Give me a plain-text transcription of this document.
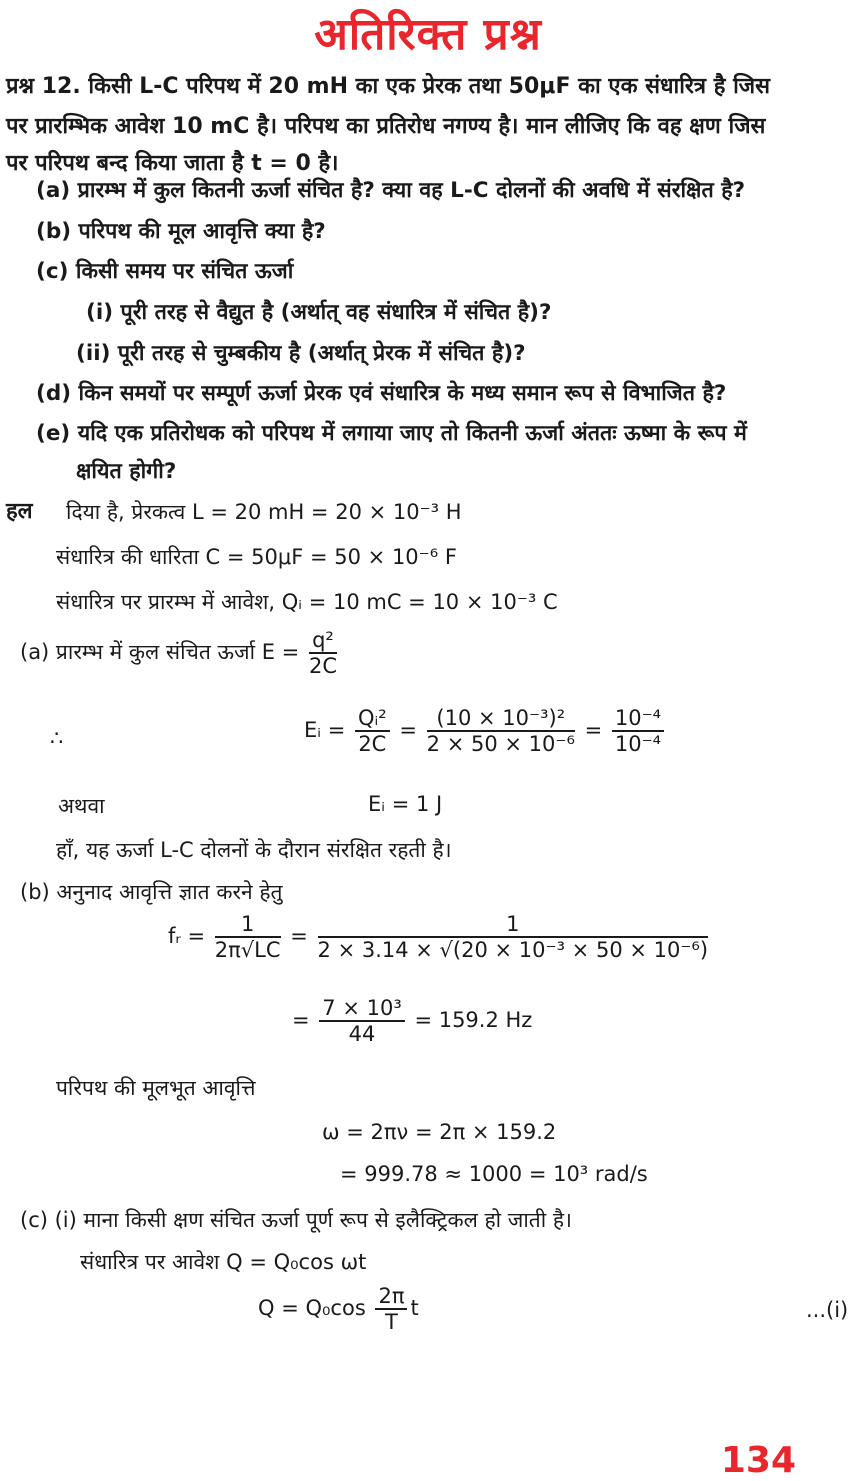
अतिरिक्त प्रश्न
प्रश्न 12. किसी L-C परिपथ में 20 mH का एक प्रेरक तथा 50μF का एक संधारित्र है जिस
पर प्रारम्भिक आवेश 10 mC है। परिपथ का प्रतिरोध नगण्य है। मान लीजिए कि वह क्षण जिस
पर परिपथ बन्द किया जाता है t = 0 है।
(a) प्रारम्भ में कुल कितनी ऊर्जा संचित है? क्या वह L-C दोलनों की अवधि में संरक्षित है?
(b) परिपथ की मूल आवृत्ति क्या है?
(c) किसी समय पर संचित ऊर्जा
(i) पूरी तरह से वैद्युत है (अर्थात् वह संधारित्र में संचित है)?
(ii) पूरी तरह से चुम्बकीय है (अर्थात् प्रेरक में संचित है)?
(d) किन समयों पर सम्पूर्ण ऊर्जा प्रेरक एवं संधारित्र के मध्य समान रूप से विभाजित है?
(e) यदि एक प्रतिरोधक को परिपथ में लगाया जाए तो कितनी ऊर्जा अंततः ऊष्मा के रूप में
क्षयित होगी?
हल दिया है, प्रेरकत्व L = 20 mH = 20 × 10⁻³ H
संधारित्र की धारिता C = 50μF = 50 × 10⁻⁶ F
संधारित्र पर प्रारम्भ में आवेश, Qᵢ = 10 mC = 10 × 10⁻³ C
(a) प्रारम्भ में कुल संचित ऊर्जा $E = \frac{\text{q²}}{2C}$
∴	Eᵢ = $\frac{\text{Qᵢ²}}{2C} = \frac{\text{(10 × 10⁻³)²}}{\text{2 × 50 × 10⁻⁶}} = \frac{\text{10⁻⁴}}{\text{10⁻⁴}}$
अथवा	Eᵢ = 1 J
हाँ, यह ऊर्जा L-C दोलनों के दौरान संरक्षित रहती है।
(b) अनुनाद आवृत्ति ज्ञात करने हेतु
fᵣ = $\frac{1}{2\pi√LC} = \frac{1}{\text{2 × 3.14 × √(20 × 10⁻³ × 50 × 10⁻⁶)}}$
= $\frac{\text{7 × 10³}}{44} = 159.2$ Hz
परिपथ की मूलभूत आवृत्ति
ω = 2πν = 2π × 159.2
= 999.78 ≈ 1000 = 10³ rad/s
(c) (i) माना किसी क्षण संचित ऊर्जा पूर्ण रूप से इलैक्ट्रिकल हो जाती है।
संधारित्र पर आवेश Q = Q₀cos ωt
$Q = Q_0\cos \frac{2\pi}{T}$ t	...(i)
134
